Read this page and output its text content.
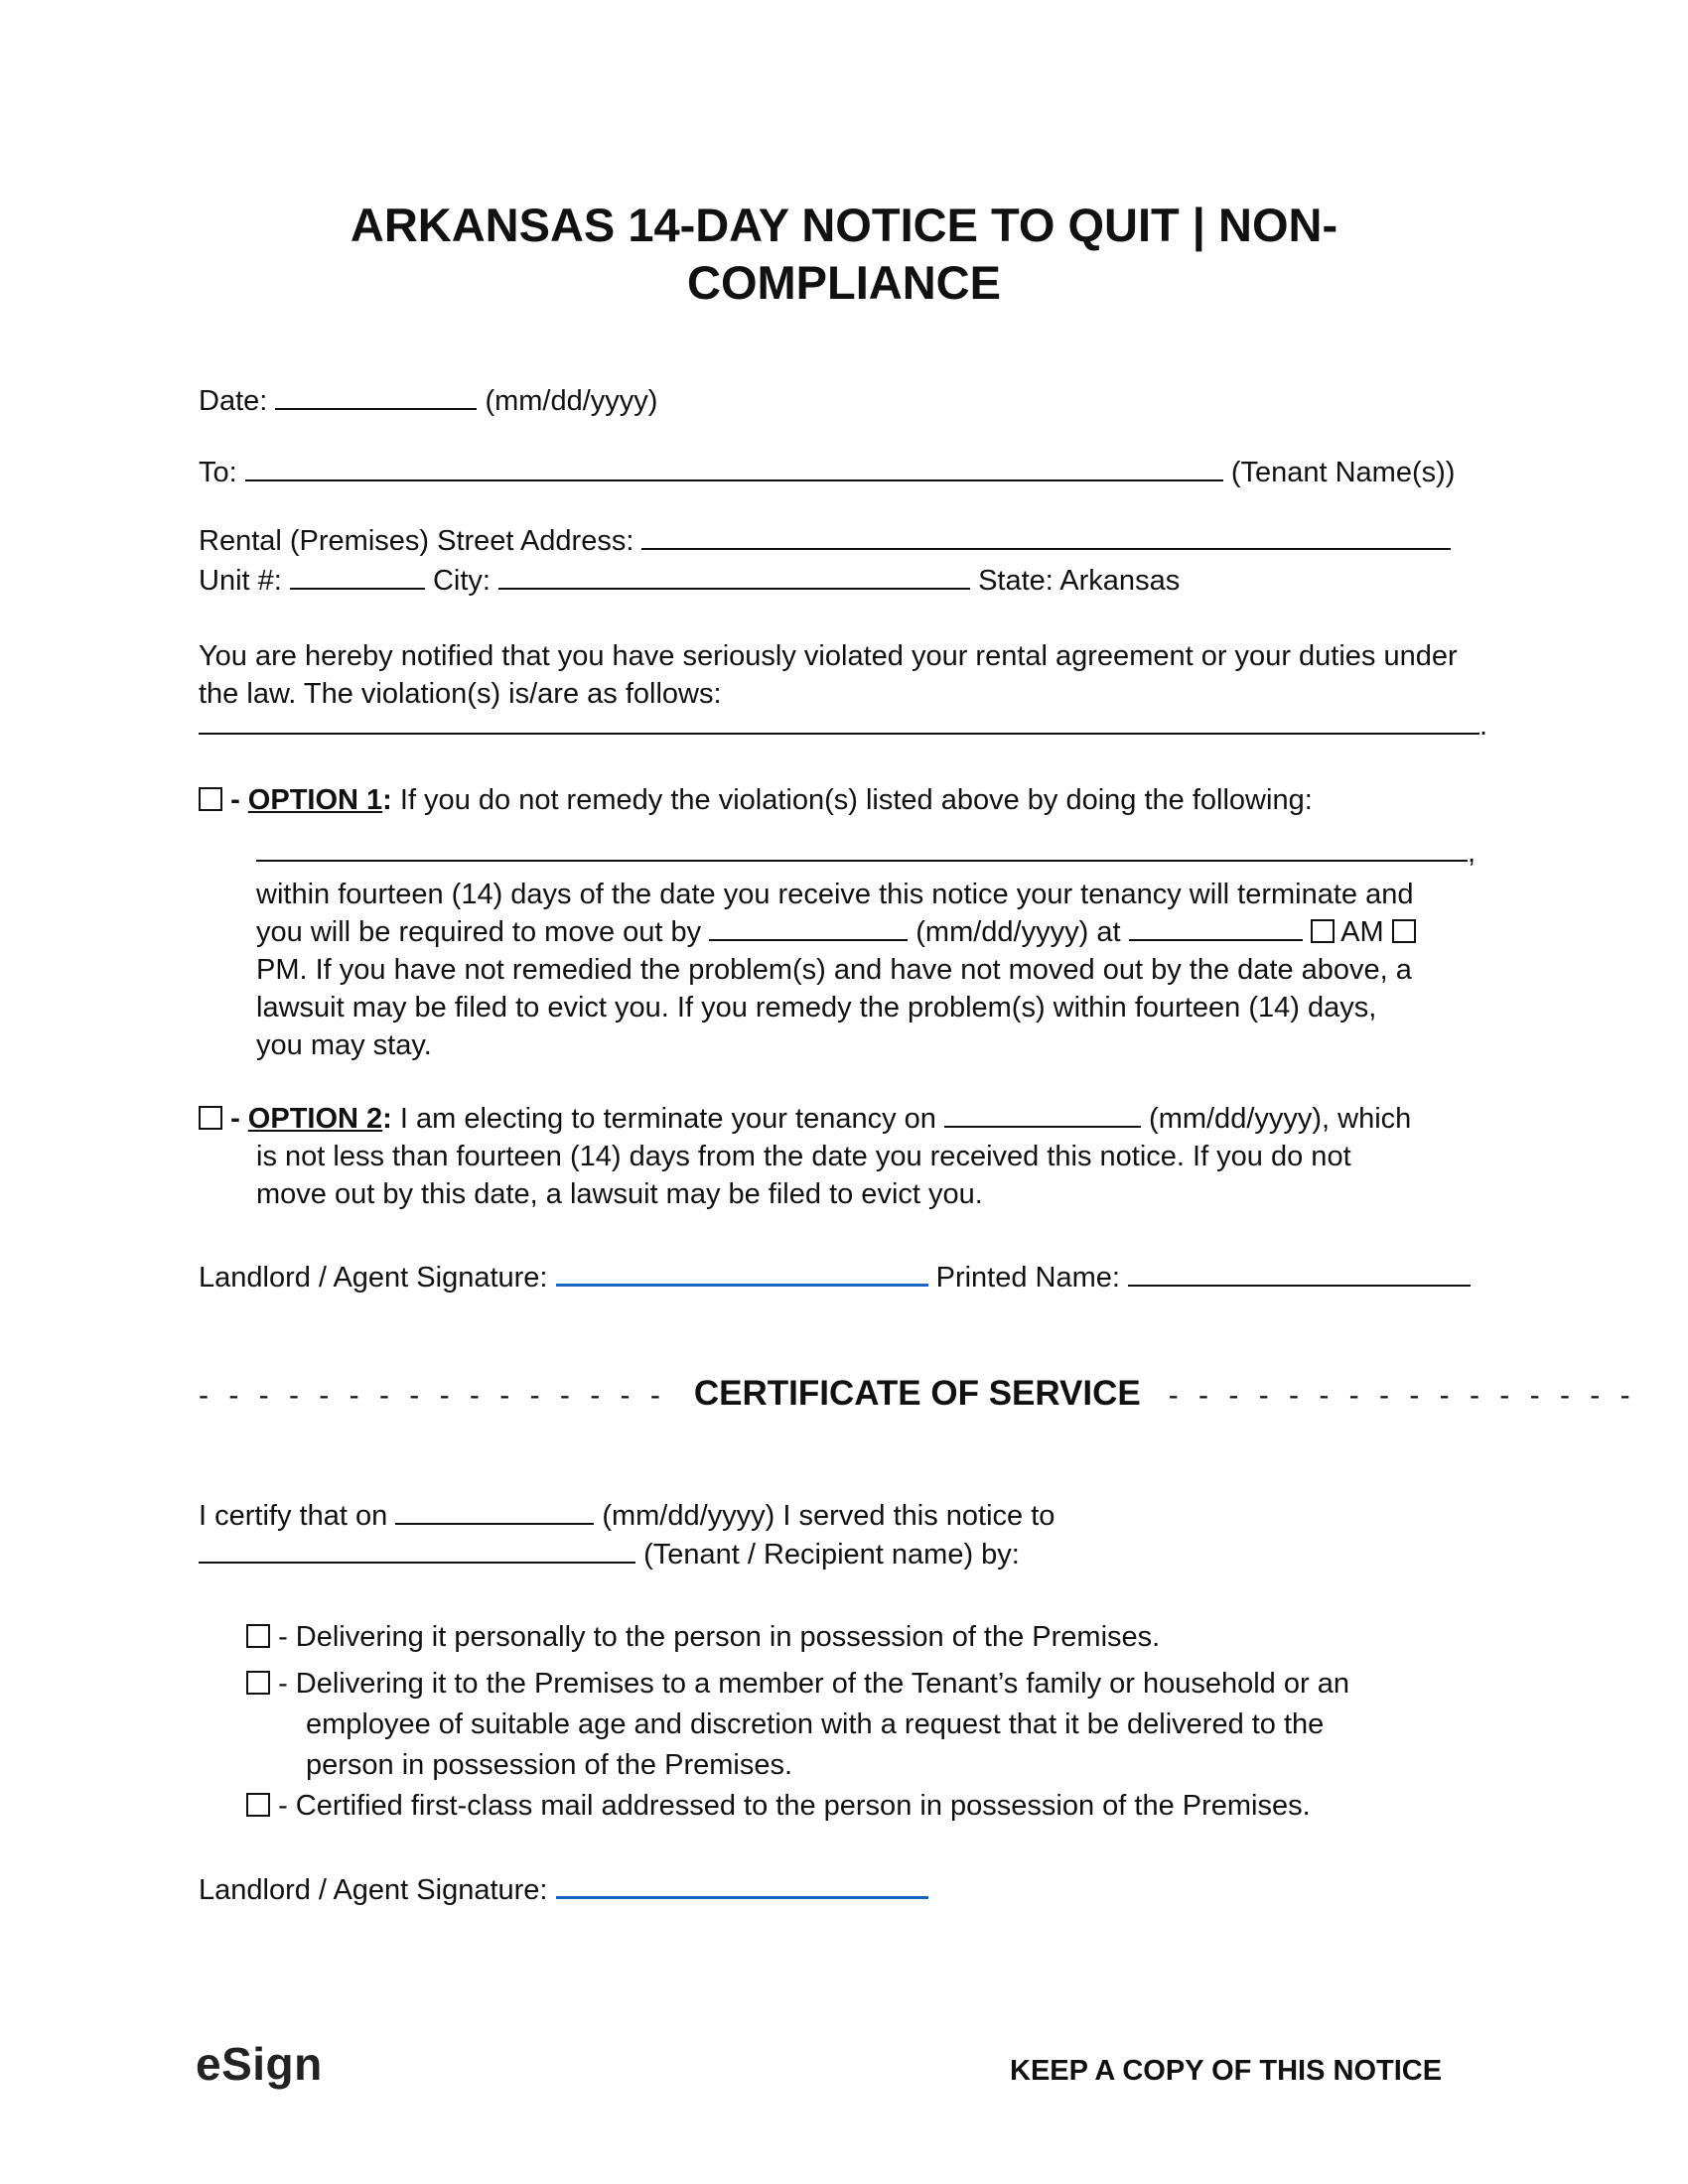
ARKANSAS 14-DAY NOTICE TO QUIT | NON-
COMPLIANCE
Date:	(mm/dd/yyyy)
To:	(Tenant Name(s))
Rental (Premises) Street Address:
Unit #:	City:	State: Arkansas
You are hereby notified that you have seriously violated your rental agreement or your duties under the law. The violation(s) is/are as follows:
.
- OPTION 1: If you do not remedy the violation(s) listed above by doing the following:
,
within fourteen (14) days of the date you receive this notice your tenancy will terminate and
you will be required to move out by	(mm/dd/yyyy) at	AM
PM. If you have not remedied the problem(s) and have not moved out by the date above, a
lawsuit may be filed to evict you. If you remedy the problem(s) within fourteen (14) days,
you may stay.
- OPTION 2: I am electing to terminate your tenancy on	(mm/dd/yyyy), which
is not less than fourteen (14) days from the date you received this notice. If you do not
move out by this date, a lawsuit may be filed to evict you.
Landlord / Agent Signature:	Printed Name:
- - - - - - - - - - - - - - - - CERTIFICATE OF SERVICE - - - - - - - - - - - - - - - -
I certify that on	(mm/dd/yyyy) I served this notice to
(Tenant / Recipient name) by:
- Delivering it personally to the person in possession of the Premises.
- Delivering it to the Premises to a member of the Tenant’s family or household or an
employee of suitable age and discretion with a request that it be delivered to the
person in possession of the Premises.
- Certified first-class mail addressed to the person in possession of the Premises.
Landlord / Agent Signature:
eSign	KEEP A COPY OF THIS NOTICE
